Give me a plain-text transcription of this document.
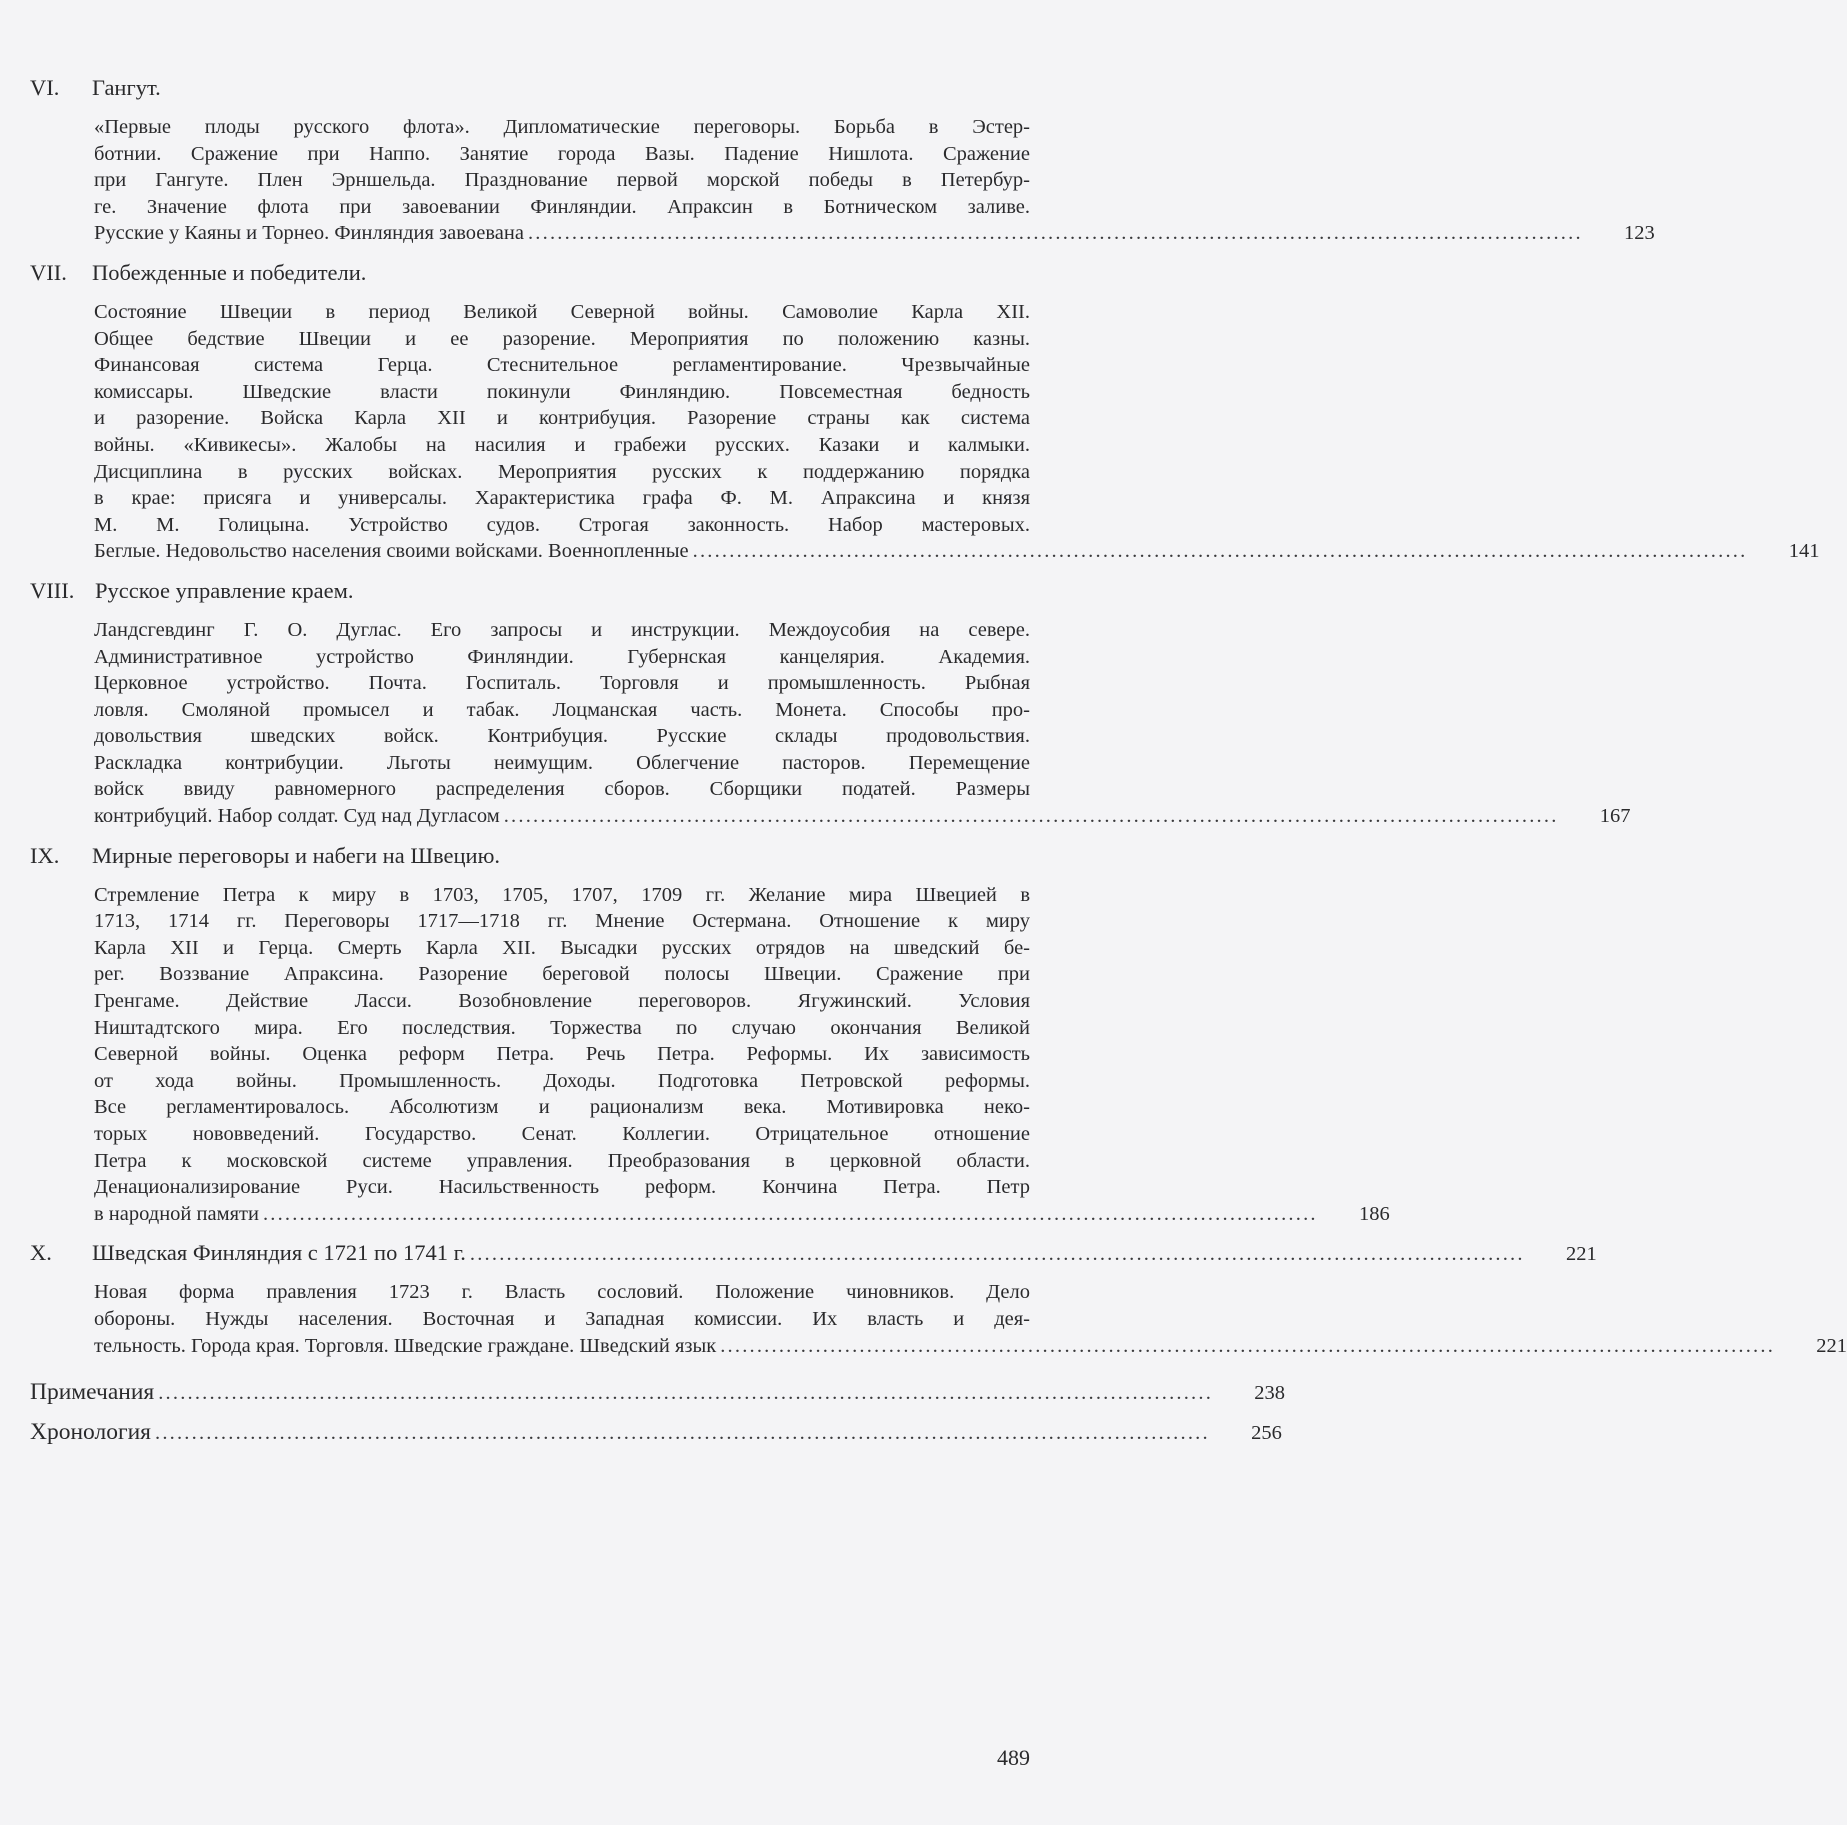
VI.	Гангут.
«Первые плоды русского флота». Дипломатические переговоры. Борьба в Эстер-
ботнии. Сражение при Наппо. Занятие города Вазы. Падение Нишлота. Сражение
при Гангуте. Плен Эрншельда. Празднование первой морской победы в Петербур-
ге. Значение флота при завоевании Финляндии. Апраксин в Ботническом заливе.
Русские у Каяны и Торнео. Финляндия завоевана ................................................................................................................................................	123
VII.	Побежденные и победители.
Состояние Швеции в период Великой Северной войны. Самоволие Карла XII.
Общее бедствие Швеции и ее разорение. Мероприятия по положению казны.
Финансовая система Герца. Стеснительное регламентирование. Чрезвычайные
комиссары. Шведские власти покинули Финляндию. Повсеместная бедность
и разорение. Войска Карла XII и контрибуция. Разорение страны как система
войны. «Кивикесы». Жалобы на насилия и грабежи русских. Казаки и калмыки.
Дисциплина в русских войсках. Мероприятия русских к поддержанию порядка
в крае: присяга и универсалы. Характеристика графа Ф. М. Апраксина и князя
М. М. Голицына. Устройство судов. Строгая законность. Набор мастеровых.
Беглые. Недовольство населения своими войсками. Военнопленные ................................................................................................................................................	141
VIII. Русское управление краем.
Ландсгевдинг Г. О. Дуглас. Его запросы и инструкции. Междоусобия на севере.
Административное устройство Финляндии. Губернская канцелярия. Академия.
Церковное устройство. Почта. Госпиталь. Торговля и промышленность. Рыбная
ловля. Смоляной промысел и табак. Лоцманская часть. Монета. Способы про-
довольствия шведских войск. Контрибуция. Русские склады продовольствия.
Раскладка контрибуции. Льготы неимущим. Облегчение пасторов. Перемещение
войск ввиду равномерного распределения сборов. Сборщики податей. Размеры
контрибуций. Набор солдат. Суд над Дугласом ................................................................................................................................................	167
IX.	Мирные переговоры и набеги на Швецию.
Стремление Петра к миру в 1703, 1705, 1707, 1709 гг. Желание мира Швецией в
1713, 1714 гг. Переговоры 1717—1718 гг. Мнение Остермана. Отношение к миру
Карла XII и Герца. Смерть Карла XII. Высадки русских отрядов на шведский бе-
рег. Воззвание Апраксина. Разорение береговой полосы Швеции. Сражение при
Гренгаме. Действие Ласси. Возобновление переговоров. Ягужинский. Условия
Ништадтского мира. Его последствия. Торжества по случаю окончания Великой
Северной войны. Оценка реформ Петра. Речь Петра. Реформы. Их зависимость
от хода войны. Промышленность. Доходы. Подготовка Петровской реформы.
Все регламентировалось. Абсолютизм и рационализм века. Мотивировка неко-
торых нововведений. Государство. Сенат. Коллегии. Отрицательное отношение
Петра к московской системе управления. Преобразования в церковной области.
Денационализирование Руси. Насильственность реформ. Кончина Петра. Петр
в народной памяти ................................................................................................................................................	186
X.	Шведская Финляндия с 1721 по 1741 г. ................................................................................................................................................	221
Новая форма правления 1723 г. Власть сословий. Положение чиновников. Дело
обороны. Нужды населения. Восточная и Западная комиссии. Их власть и дея-
тельность. Города края. Торговля. Шведские граждане. Шведский язык ................................................................................................................................................	221
Примечания ................................................................................................................................................	238
Хронология ................................................................................................................................................	256
489
